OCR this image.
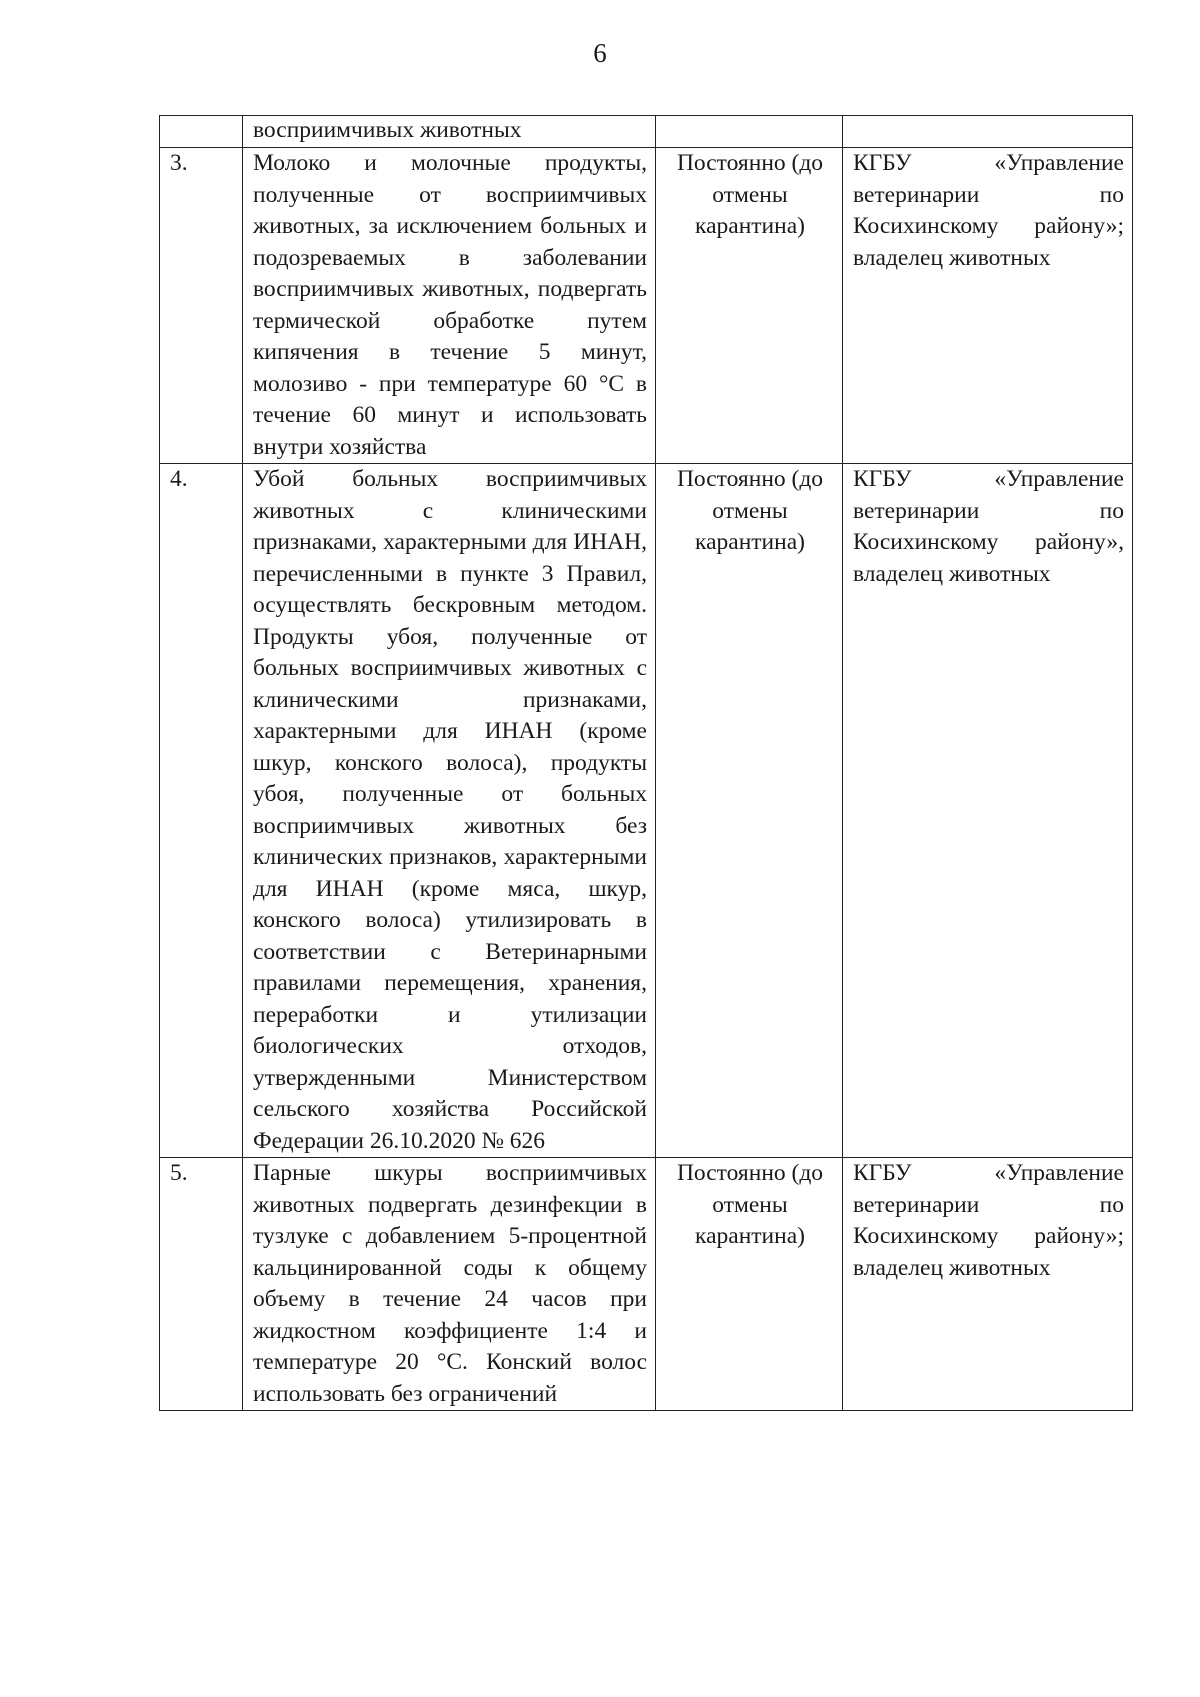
6
	восприимчивых животных		
3.	Молоко и молочные продукты, полученные от восприимчивых животных, за исключением больных и подозреваемых в заболевании восприимчивых животных, подвергать термической обработке путем кипячения в течение 5 минут, молозиво - при температуре 60 °С в течение 60 минут и использовать внутри хозяйства	Постоянно (до отмены карантина)	КГБУ «Управление ветеринарии по Косихинскому району»; владелец животных
4.	Убой больных восприимчивых животных с клиническими признаками, характерными для ИНАН, перечисленными в пункте 3 Правил, осуществлять бескровным методом. Продукты убоя, полученные от больных восприимчивых животных с клиническими признаками, характерными для ИНАН (кроме шкур, конского волоса), продукты убоя, полученные от больных восприимчивых животных без клинических признаков, характерными для ИНАН (кроме мяса, шкур, конского волоса) утилизировать в соответствии с Ветеринарными правилами перемещения, хранения, переработки и утилизации биологических отходов, утвержденными Министерством сельского хозяйства Российской Федерации 26.10.2020 № 626	Постоянно (до отмены карантина)	КГБУ «Управление ветеринарии по Косихинскому району», владелец животных
5.	Парные шкуры восприимчивых животных подвергать дезинфекции в тузлуке с добавлением 5-процентной кальцинированной соды к общему объему в течение 24 часов при жидкостном коэффициенте 1:4 и температуре 20 °С. Конский волос использовать без ограничений	Постоянно (до отмены карантина)	КГБУ «Управление ветеринарии по Косихинскому району»; владелец животных
